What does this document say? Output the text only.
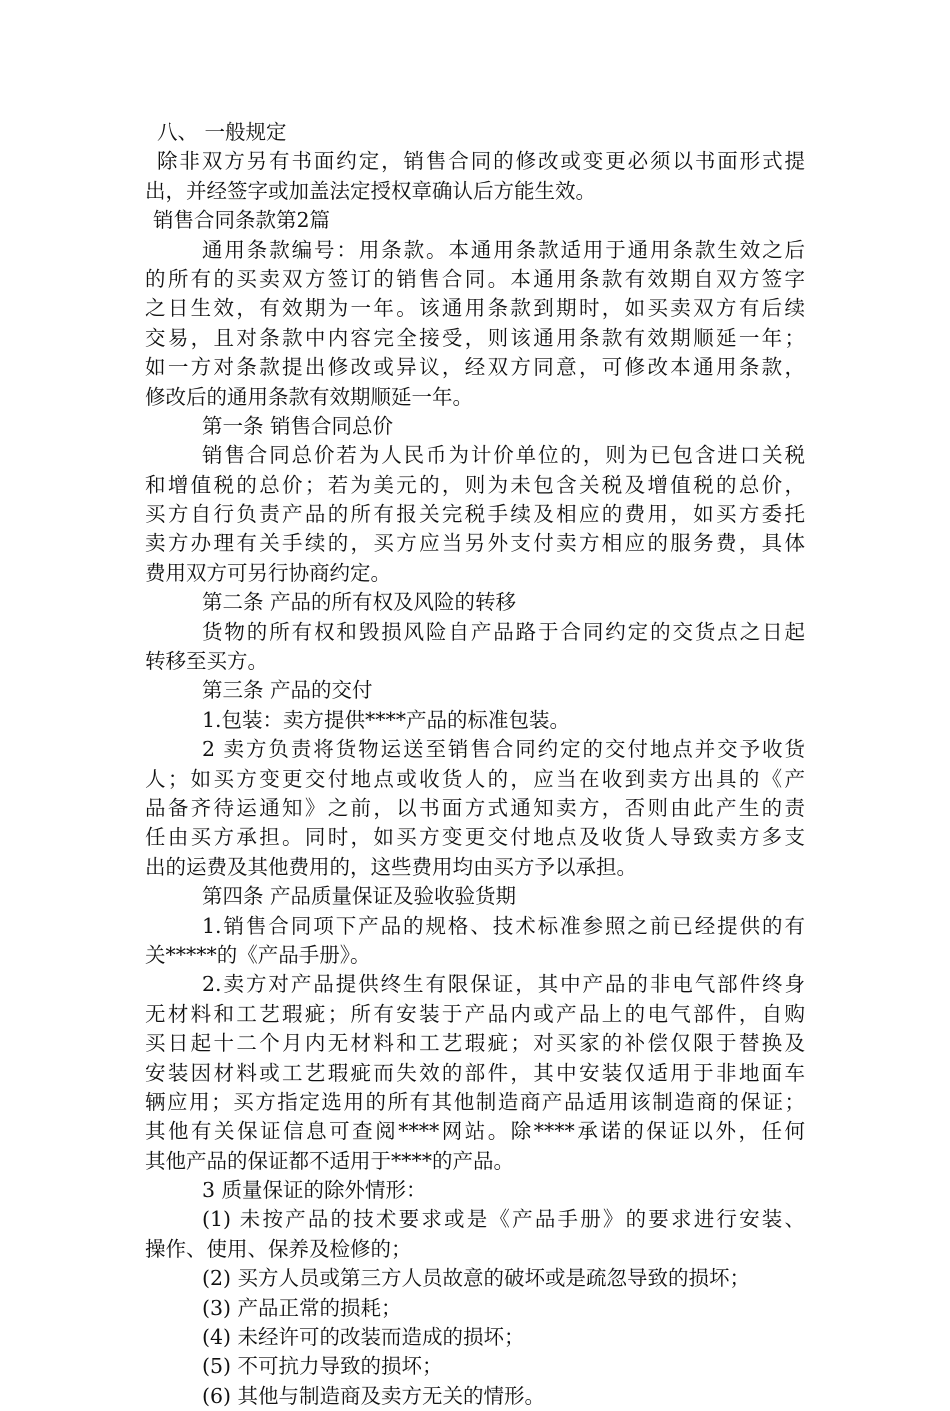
八、 一般规定
除非双方另有书面约定，销售合同的修改或变更必须以书面形式提
出，并经签字或加盖法定授权章确认后方能生效。
销售合同条款第2篇
通用条款编号：用条款。本通用条款适用于通用条款生效之后
的所有的买卖双方签订的销售合同。本通用条款有效期自双方签字
之日生效，有效期为一年。该通用条款到期时，如买卖双方有后续
交易，且对条款中内容完全接受，则该通用条款有效期顺延一年；
如一方对条款提出修改或异议，经双方同意，可修改本通用条款，
修改后的通用条款有效期顺延一年。
第一条 销售合同总价
销售合同总价若为人民币为计价单位的，则为已包含进口关税
和增值税的总价；若为美元的，则为未包含关税及增值税的总价，
买方自行负责产品的所有报关完税手续及相应的费用，如买方委托
卖方办理有关手续的，买方应当另外支付卖方相应的服务费，具体
费用双方可另行协商约定。
第二条 产品的所有权及风险的转移
货物的所有权和毁损风险自产品路于合同约定的交货点之日起
转移至买方。
第三条 产品的交付
1.包装：卖方提供****产品的标准包装。
2 卖方负责将货物运送至销售合同约定的交付地点并交予收货
人；如买方变更交付地点或收货人的，应当在收到卖方出具的《产
品备齐待运通知》之前，以书面方式通知卖方，否则由此产生的责
任由买方承担。同时，如买方变更交付地点及收货人导致卖方多支
出的运费及其他费用的，这些费用均由买方予以承担。
第四条 产品质量保证及验收验货期
1.销售合同项下产品的规格、技术标准参照之前已经提供的有
关*****的《产品手册》。
2.卖方对产品提供终生有限保证，其中产品的非电气部件终身
无材料和工艺瑕疵；所有安装于产品内或产品上的电气部件，自购
买日起十二个月内无材料和工艺瑕疵；对买家的补偿仅限于替换及
安装因材料或工艺瑕疵而失效的部件，其中安装仅适用于非地面车
辆应用；买方指定选用的所有其他制造商产品适用该制造商的保证；
其他有关保证信息可查阅****网站。除****承诺的保证以外，任何
其他产品的保证都不适用于****的产品。
3 质量保证的除外情形：
(1) 未按产品的技术要求或是《产品手册》的要求进行安装、
操作、使用、保养及检修的；
(2) 买方人员或第三方人员故意的破坏或是疏忽导致的损坏；
(3) 产品正常的损耗；
(4) 未经许可的改装而造成的损坏；
(5) 不可抗力导致的损坏；
(6) 其他与制造商及卖方无关的情形。
